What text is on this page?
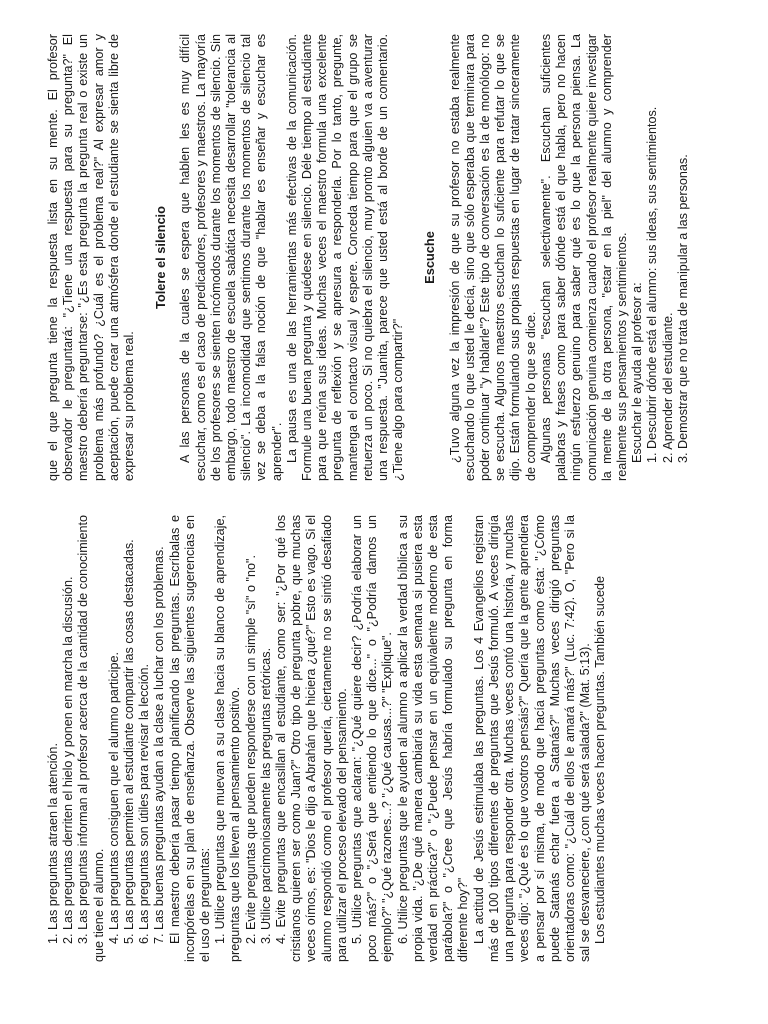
1. Las preguntas atraen la atención. 2. Las preguntas derriten el hielo y ponen en marcha la discusión. 3. Las preguntas informan al profesor acerca de la cantidad de conocimiento que tiene el alumno. 4. Las preguntas consiguen que el alumno participe. 5. Las preguntas permiten al estudiante compartir las cosas destacadas. 6. Las preguntas son útiles para revisar la lección. 7. Las buenas preguntas ayudan a la clase a luchar con los problemas. El maestro debería pasar tiempo planificando las preguntas. Escríbalas e incorpórelas en su plan de enseñanza. Observe las siguientes sugerencias en el uso de preguntas: 1. Utilice preguntas que muevan a su clase hacia su blanco de aprendizaje, preguntas que los lleven al pensamiento positivo. 2. Evite preguntas que pueden responderse con un simple "sí" o "no". 3. Utilice parcimoniosamente las preguntas retóricas. 4. Evite preguntas que encasillan al estudiante, como ser: "¿Por qué los cristianos quieren ser como Juan?" Otro tipo de pregunta pobre, que muchas veces oímos, es: "Dios le dijo a Abrahán que hiciera ¿qué?" Esto es vago. Si el alumno respondió como el profesor quería, ciertamente no se sintió desafiado para utilizar el proceso elevado del pensamiento. 5. Utilice preguntas que aclaran: "¿Qué quiere decir? ¿Podría elaborar un poco más?" o "¿Será que entiendo lo que dice..." o "¿Podría damos un ejemplo?" "¿Qué razones...? "¿Qué causas...?" "Explique". 6. Utilice preguntas que le ayuden al alumno a aplicar la verdad bíblica a su propia vida. "¿De qué manera cambiaría su vida esta semana si pusiera esta verdad en práctica?" o "¿Puede pensar en un equivalente moderno de esta parábola?" o "¿Cree que Jesús habría formulado su pregunta en forma diferente hoy?" La actitud de Jesús estimulaba las preguntas. Los 4 Evangelios registran más de 100 tipos diferentes de preguntas que Jesús formuló. A veces dirigía una pregunta para responder otra. Muchas veces contó una historia, y muchas veces dijo: "¿Qué es lo que vosotros pensáis?" Quería que la gente aprendiera a pensar por sí misma, de modo que hacía preguntas como ésta: "¿Cómo puede Satanás echar fuera a Satanás?" Muchas veces dirigió preguntas orientadoras como: "¿Cuál de ellos le amará más?" (Luc. 7:42). O, "Pero si la sal se desvaneciere, ¿con qué será salada?" (Mat. 5:13). Los estudiantes muchas veces hacen preguntas. También sucede

que el que pregunta tiene la respuesta lista en su mente. El profesor observador le preguntará: "¿Tiene una respuesta para su pregunta?" El maestro debería preguntarse: "¿Es esta pregunta la pregunta real o existe un problema más profundo? ¿Cuál es el problema real?" Al expresar amor y aceptación, puede crear una atmósfera donde el estudiante se sienta libre de expresar su problema real.

Tolere el silencio A las personas de la cuales se espera que hablen les es muy difícil escuchar, como es el caso de predicadores, profesores y maestros. La mayoría de los profesores se sienten incómodos durante los momentos de silencio. Sin embargo, todo maestro de escuela sabática necesita desarrollar "tolerancia al silencio". La incomodidad que sentimos durante los momentos de silencio tal vez se deba a la falsa noción de que "hablar es enseñar y escuchar es aprender". La pausa es una de las herramientas más efectivas de la comunicación. Formule una buena pregunta y quédese en silencio. Déle tiempo al estudiante para que reúna sus ideas. Muchas veces el maestro formula una excelente pregunta de reflexión y se apresura a responderla. Por lo tanto, pregunte, mantenga el contacto visual y espere. Conceda tiempo para que el grupo se retuerza un poco. Si no quiebra el silencio, muy pronto alguien va a aventurar una respuesta. "Juanita, parece que usted está al borde de un comentario. ¿Tiene algo para compartir?"

Escuche ¿Tuvo alguna vez la impresión de que su profesor no estaba realmente escuchando lo que usted le decía, sino que sólo esperaba que terminara para poder continuar "y hablarle"? Este tipo de conversación es la de monólogo: no se escucha. Algunos maestros escuchan lo suficiente para refutar lo que se dijo. Están formulando sus propias respuestas en lugar de tratar sinceramente de comprender lo que se dice. Algunas personas "escuchan selectivamente". Escuchan suficientes palabras y frases como para saber dónde está el que habla, pero no hacen ningún esfuerzo genuino para saber qué es lo que la persona piensa. La comunicación genuina comienza cuando el profesor realmente quiere investigar la mente de la otra persona, "estar en la piel" del alumno y comprender realmente sus pensamientos y sentimientos. Escuchar le ayuda al profesor a: 1. Descubrir dónde está el alumno: sus ideas, sus sentimientos. 2. Aprender del estudiante. 3. Demostrar que no trata de manipular a las personas.
